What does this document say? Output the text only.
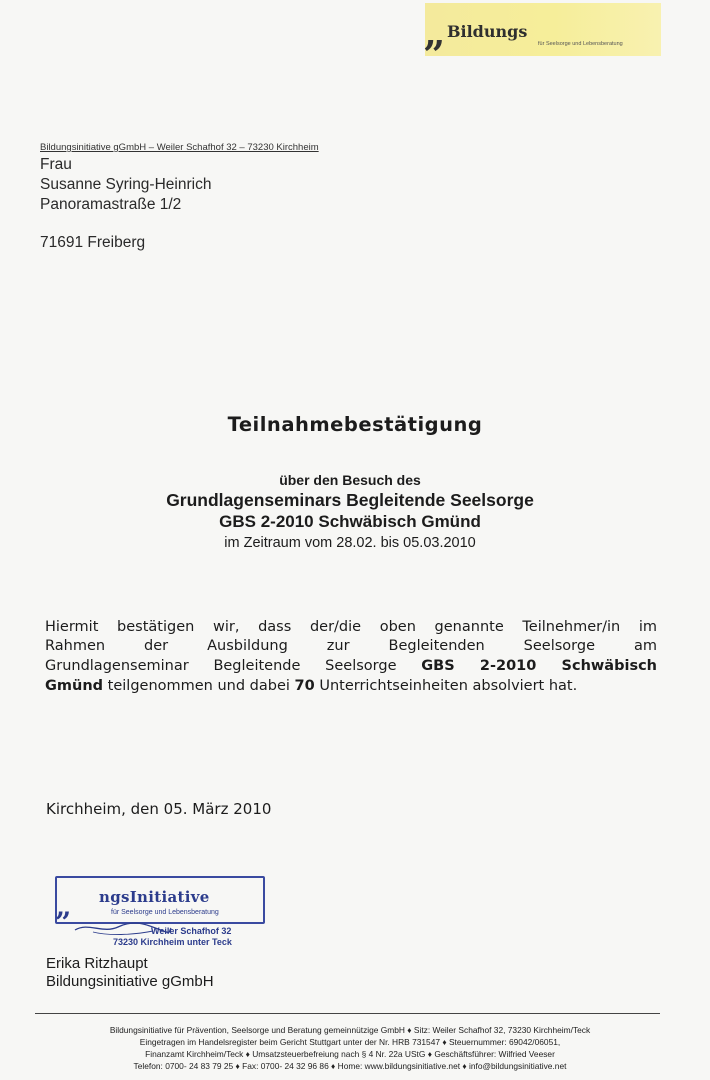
Bildungs
für Seelsorge und Lebensberatung
”
Bildungsinitiative gGmbH – Weiler Schafhof 32 – 73230 Kirchheim
Frau
Susanne Syring-Heinrich
Panoramastraße 1/2
71691 Freiberg
Teilnahmebestätigung
über den Besuch des
Grundlagenseminars Begleitende Seelsorge
GBS 2-2010 Schwäbisch Gmünd
im Zeitraum vom 28.02. bis 05.03.2010
Hiermit bestätigen wir, dass der/die oben genannte Teilnehmer/in im
Rahmen der Ausbildung zur Begleitenden Seelsorge am
Grundlagenseminar Begleitende Seelsorge GBS 2-2010 Schwäbisch
Gmünd teilgenommen und dabei 70 Unterrichtseinheiten absolviert hat.
Kirchheim, den 05. März 2010
ngsInitiative
für Seelsorge und Lebensberatung
”	Weiler Schafhof 32
73230 Kirchheim unter Teck
Erika Ritzhaupt
Bildungsinitiative gGmbH
Bildungsinitiative für Prävention, Seelsorge und Beratung gemeinnützige GmbH ♦ Sitz: Weiler Schafhof 32, 73230 Kirchheim/Teck
Eingetragen im Handelsregister beim Gericht Stuttgart unter der Nr. HRB 731547 ♦ Steuernummer: 69042/06051,
Finanzamt Kirchheim/Teck ♦ Umsatzsteuerbefreiung nach § 4 Nr. 22a UStG ♦ Geschäftsführer: Wilfried Veeser
Telefon: 0700- 24 83 79 25 ♦ Fax: 0700- 24 32 96 86 ♦ Home: www.bildungsinitiative.net ♦ info@bildungsinitiative.net
